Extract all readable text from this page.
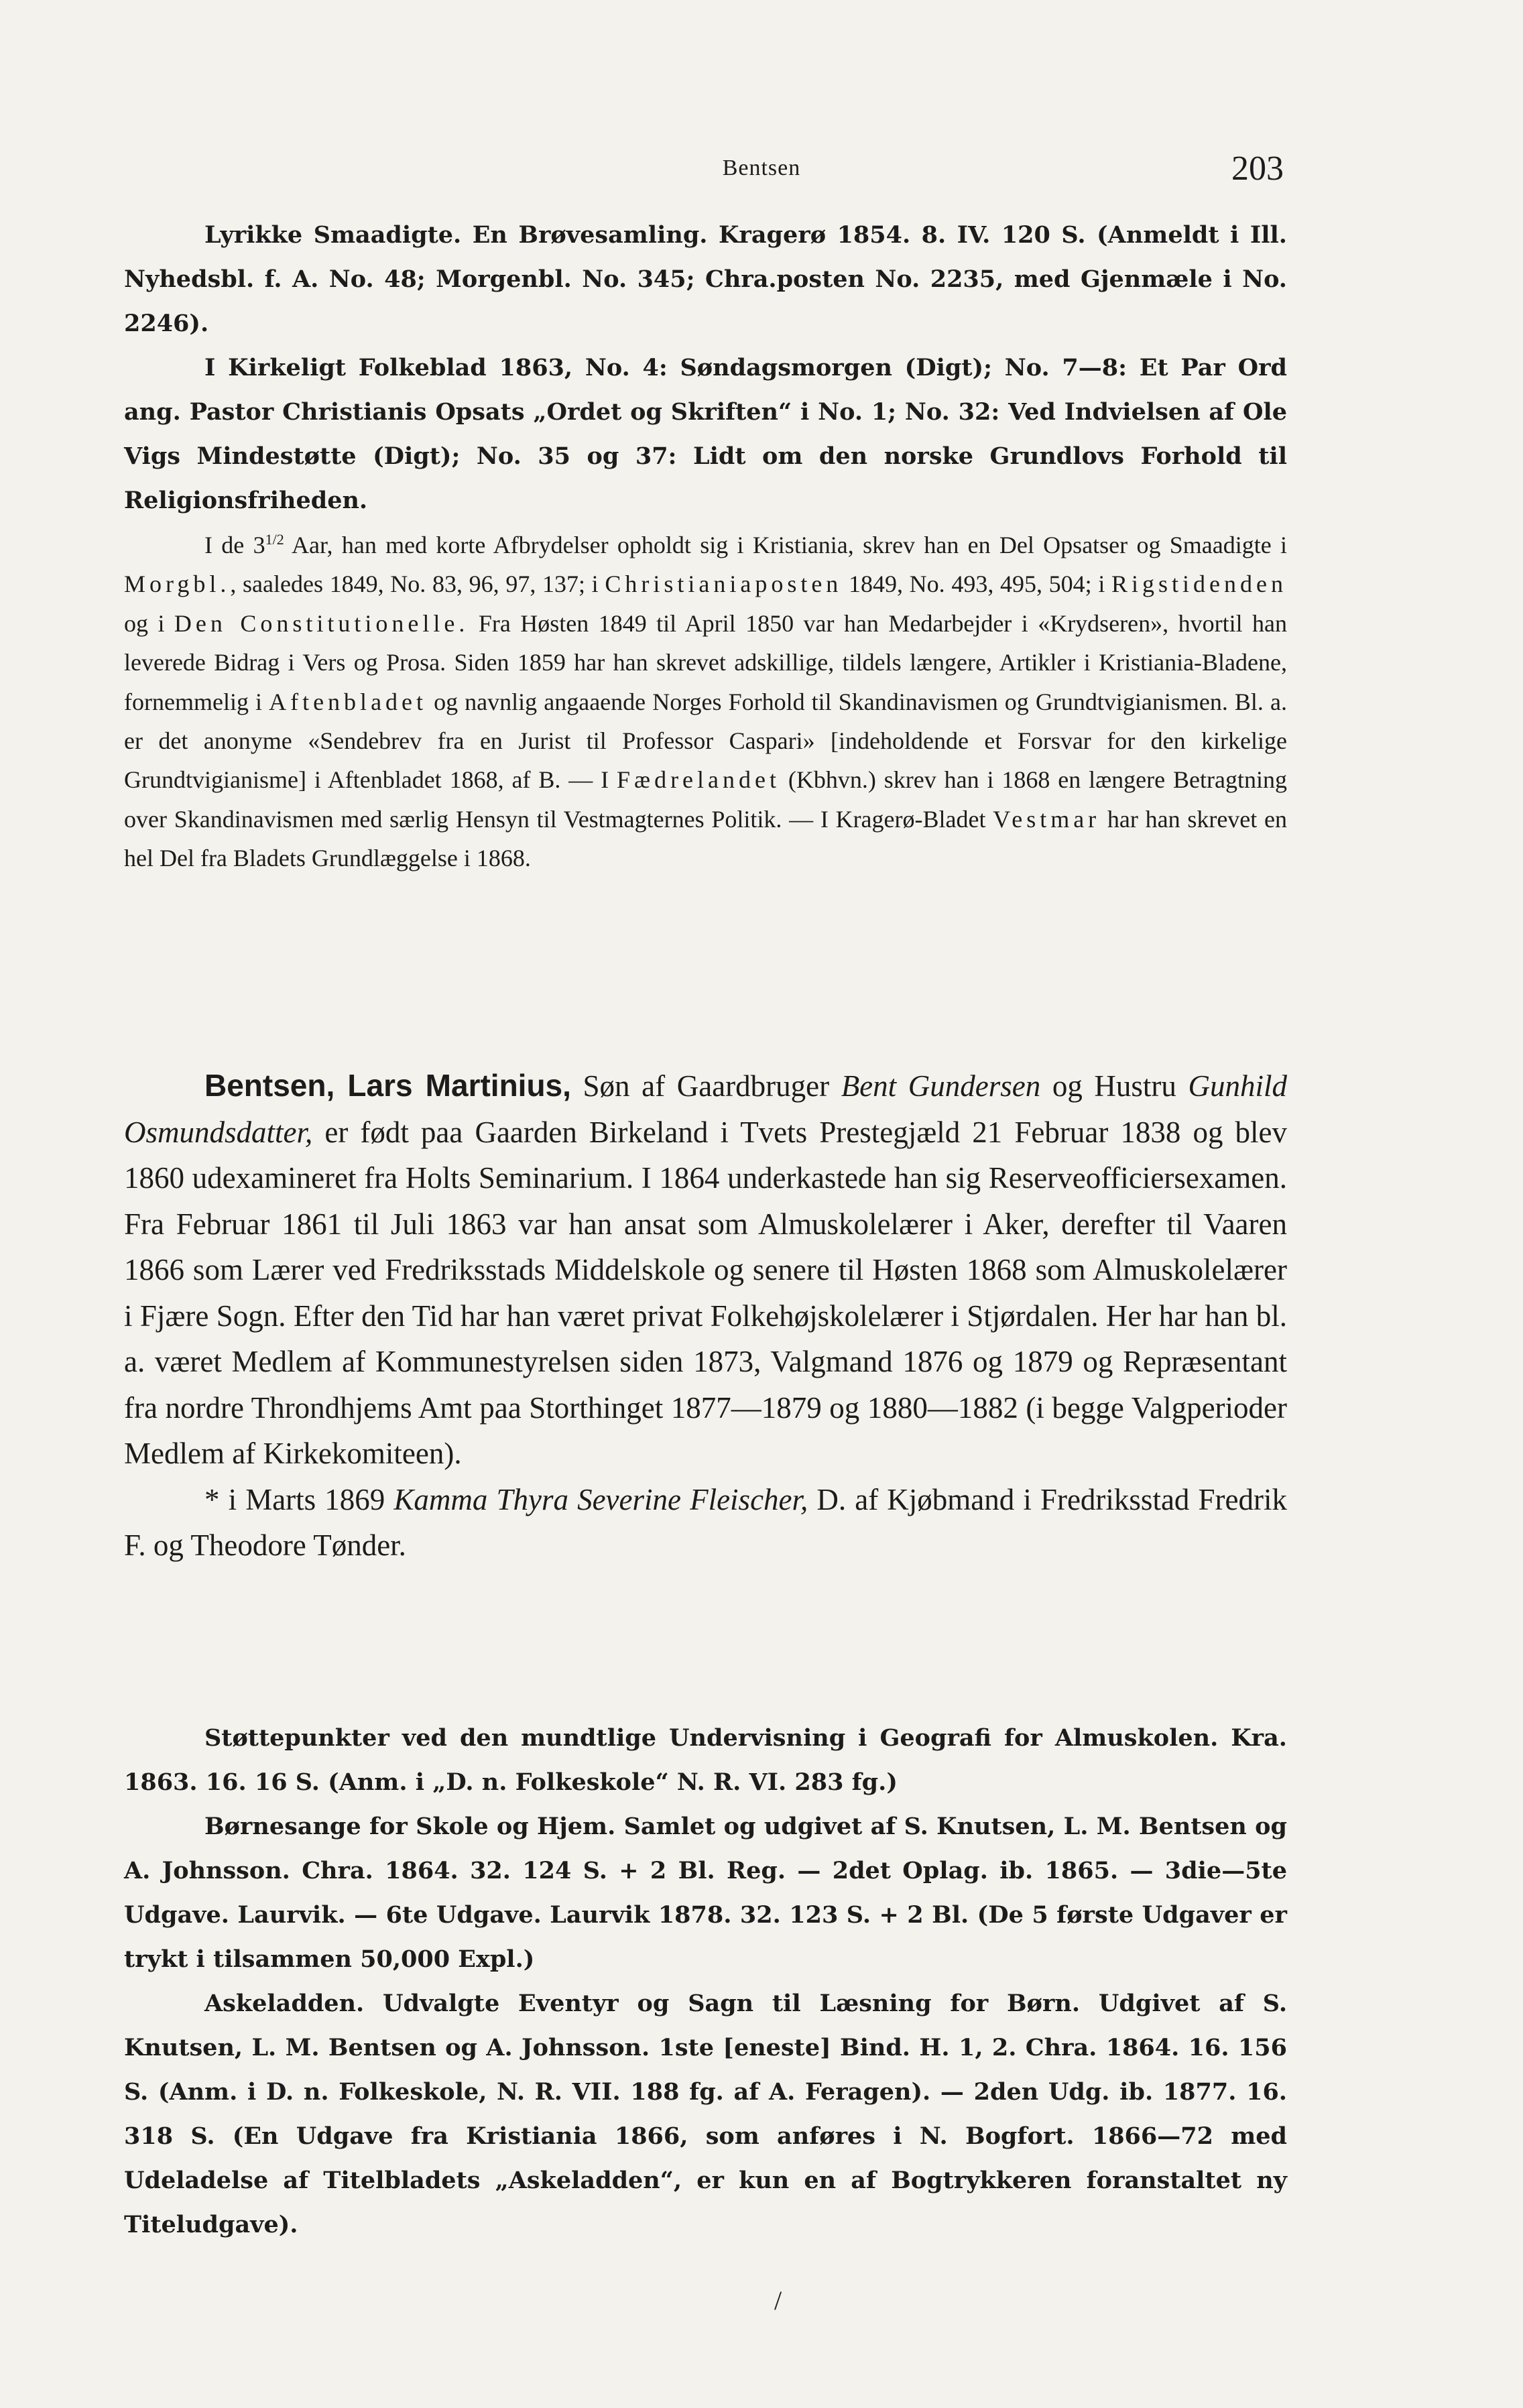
Bentsen	203

Lyrikke Smaadigte. En Brøvesamling. Kragerø 1854. 8. IV. 120 S. (Anmeldt i Ill. Nyhedsbl. f. A. No. 48; Morgenbl. No. 345; Chra.posten No. 2235, med Gjenmæle i No. 2246).

I Kirkeligt Folkeblad 1863, No. 4: Søndagsmorgen (Digt); No. 7—8: Et Par Ord ang. Pastor Christianis Opsats „Ordet og Skriften“ i No. 1; No. 32: Ved Indvielsen af Ole Vigs Mindestøtte (Digt); No. 35 og 37: Lidt om den norske Grundlovs Forhold til Religionsfriheden.

I de $3^{1/2}$ Aar, han med korte Afbrydelser opholdt sig i Kristiania, skrev han en Del Opsatser og Smaadigte i Morgbl., saaledes 1849, No. 83, 96, 97, 137; i Christianiaposten 1849, No. 493, 495, 504; i Rigstidenden og i Den Constitutionelle. Fra Høsten 1849 til April 1850 var han Medarbejder i «Krydseren», hvortil han leverede Bidrag i Vers og Prosa. Siden 1859 har han skrevet adskillige, tildels længere, Artikler i Kristiania-Bladene, fornemmelig i Aftenbladet og navnlig angaaende Norges Forhold til Skandinavismen og Grundtvigianismen. Bl. a. er det anonyme «Sendebrev fra en Jurist til Professor Caspari» [indeholdende et Forsvar for den kirkelige Grundtvigianisme] i Aftenbladet 1868, af B. — I Fædrelandet (Kbhvn.) skrev han i 1868 en længere Betragtning over Skandinavismen med særlig Hensyn til Vestmagternes Politik. — I Kragerø-Bladet Vestmar har han skrevet en hel Del fra Bladets Grundlæggelse i 1868.

Bentsen, Lars Martinius, Søn af Gaardbruger Bent Gundersen og Hustru Gunhild Osmundsdatter, er født paa Gaarden Birkeland i Tvets Prestegjæld 21 Februar 1838 og blev 1860 udexamineret fra Holts Seminarium. I 1864 underkastede han sig Reserveofficiersexamen. Fra Februar 1861 til Juli 1863 var han ansat som Almuskolelærer i Aker, derefter til Vaaren 1866 som Lærer ved Fredriksstads Middelskole og senere til Høsten 1868 som Almuskolelærer i Fjære Sogn. Efter den Tid har han været privat Folkehøjskolelærer i Stjørdalen. Her har han bl. a. været Medlem af Kommunestyrelsen siden 1873, Valgmand 1876 og 1879 og Repræsentant fra nordre Throndhjems Amt paa Storthinget 1877—1879 og 1880—1882 (i begge Valgperioder Medlem af Kirkekomiteen).

* i Marts 1869 Kamma Thyra Severine Fleischer, D. af Kjøbmand i Fredriksstad Fredrik F. og Theodore Tønder.

Støttepunkter ved den mundtlige Undervisning i Geografi for Almuskolen. Kra. 1863. 16. 16 S. (Anm. i „D. n. Folkeskole“ N. R. VI. 283 fg.)

Børnesange for Skole og Hjem. Samlet og udgivet af S. Knutsen, L. M. Bentsen og A. Johnsson. Chra. 1864. 32. 124 S. + 2 Bl. Reg. — 2det Oplag. ib. 1865. — 3die—5te Udgave. Laurvik. — 6te Udgave. Laurvik 1878. 32. 123 S. + 2 Bl. (De 5 første Udgaver er trykt i tilsammen 50,000 Expl.)

Askeladden. Udvalgte Eventyr og Sagn til Læsning for Børn. Udgivet af S. Knutsen, L. M. Bentsen og A. Johnsson. 1ste [eneste] Bind. H. 1, 2. Chra. 1864. 16. 156 S. (Anm. i D. n. Folkeskole, N. R. VII. 188 fg. af A. Feragen). — 2den Udg. ib. 1877. 16. 318 S. (En Udgave fra Kristiania 1866, som anføres i N. Bogfort. 1866—72 med Udeladelse af Titelbladets „Askeladden“, er kun en af Bogtrykkeren foranstaltet ny Titeludgave).

/
